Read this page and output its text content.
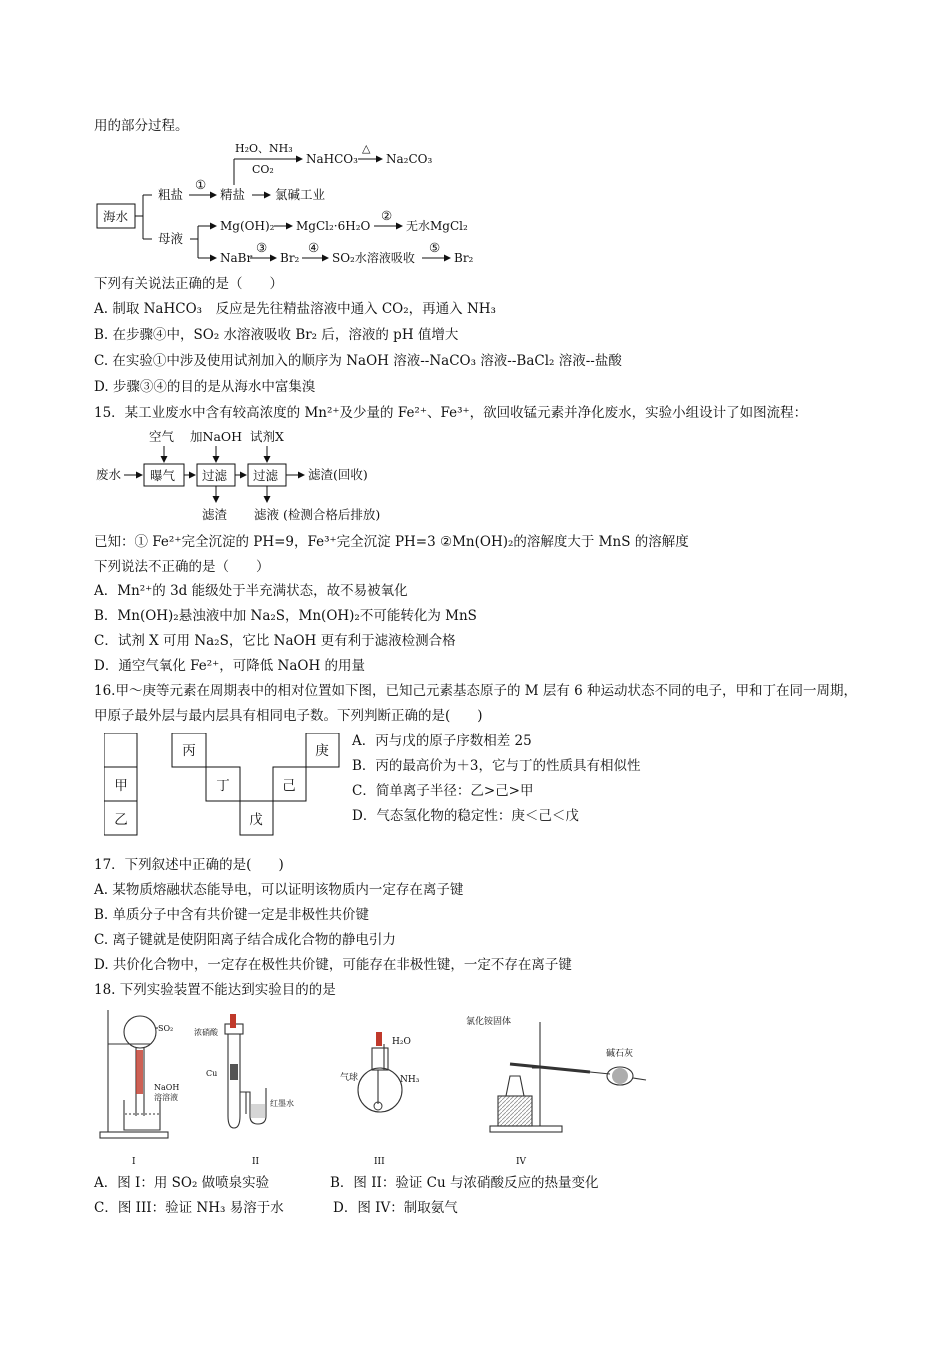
用的部分过程。
海水
粗盐
母液
①
精盐 氯碱工业
H₂O、NH₃
CO₂
NaHCO₃
△
Na₂CO₃
Mg(OH)₂ MgCl₂·6H₂O
②
无水MgCl₂
NaBr
③
Br₂
④
SO₂水溶液吸收
⑤
Br₂
下列有关说法正确的是（　　）
A. 制取 NaHCO₃　反应是先往精盐溶液中通入 CO₂，再通入 NH₃
B. 在步骤④中，SO₂ 水溶液吸收 Br₂ 后，溶液的 pH 值增大
C. 在实验①中涉及使用试剂加入的顺序为 NaOH 溶液--NaCO₃ 溶液--BaCl₂ 溶液--盐酸
D. 步骤③④的目的是从海水中富集溴
15．某工业废水中含有较高浓度的 Mn²⁺及少量的 Fe²⁺、Fe³⁺，欲回收锰元素并净化废水，实验小组设计了如图流程：
空气 加NaOH 试剂X
废水 曝气 过滤 过滤 滤渣(回收)
滤渣 滤液 (检测合格后排放)
已知：① Fe²⁺完全沉淀的 PH=9，Fe³⁺完全沉淀 PH=3 ②Mn(OH)₂的溶解度大于 MnS 的溶解度
下列说法不正确的是（　　）
A．Mn²⁺的 3d 能级处于半充满状态，故不易被氧化
B．Mn(OH)₂悬浊液中加 Na₂S，Mn(OH)₂不可能转化为 MnS
C．试剂 X 可用 Na₂S，它比 NaOH 更有利于滤液检测合格
D．通空气氧化 Fe²⁺，可降低 NaOH 的用量
16.甲～庚等元素在周期表中的相对位置如下图，已知己元素基态原子的 M 层有 6 种运动状态不同的电子，甲和丁在同一周期，
甲原子最外层与最内层具有相同电子数。下列判断正确的是(　　)
甲
乙
丙
丁
戊
己
庚
A．丙与戊的原子序数相差 25
B．丙的最高价为＋3，它与丁的性质具有相似性
C．简单离子半径：乙>己>甲
D．气态氢化物的稳定性：庚＜己＜戊
17．下列叙述中正确的是(　　)
A. 某物质熔融状态能导电，可以证明该物质内一定存在离子键
B. 单质分子中含有共价键一定是非极性共价键
C. 离子键就是使阴阳离子结合成化合物的静电引力
D. 共价化合物中，一定存在极性共价键，可能存在非极性键，一定不存在离子键
18. 下列实验装置不能达到实验目的的是
SO₂
NaOH
溶溶液
I
浓硝酸
Cu
红墨水
II
H₂O
气球	NH₃
III
氯化铵固体
碱石灰
IV
A．图 I：用 SO₂ 做喷泉实验	B．图 II：验证 Cu 与浓硝酸反应的热量变化
C．图 III：验证 NH₃ 易溶于水	D．图 IV：制取氨气
